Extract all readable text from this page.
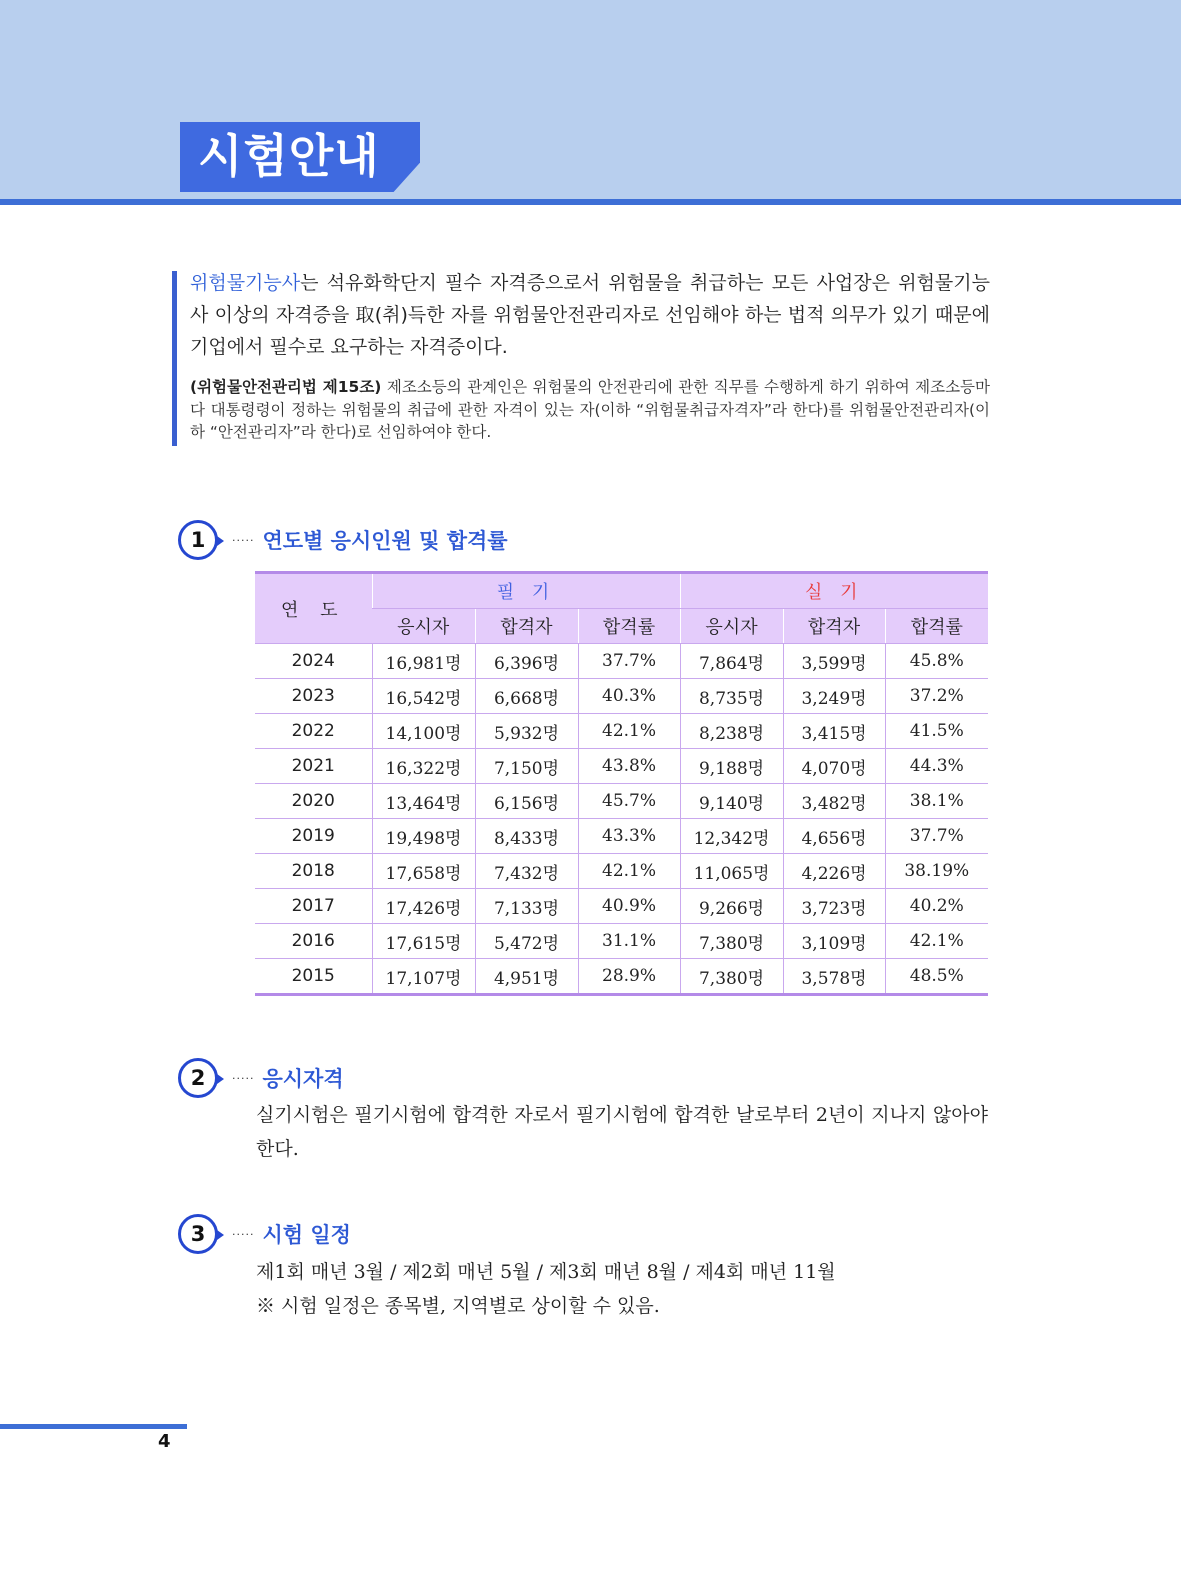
시험안내
위험물기능사는 석유화학단지 필수 자격증으로서 위험물을 취급하는 모든 사업장은 위험물기능사 이상의 자격증을 取(취)득한 자를 위험물안전관리자로 선임해야 하는 법적 의무가 있기 때문에 기업에서 필수로 요구하는 자격증이다.
(위험물안전관리법 제15조) 제조소등의 관계인은 위험물의 안전관리에 관한 직무를 수행하게 하기 위하여 제조소등마다 대통령령이 정하는 위험물의 취급에 관한 자격이 있는 자(이하 “위험물취급자격자”라 한다)를 위험물안전관리자(이하 “안전관리자”라 한다)로 선임하여야 한다.
1	····· 연도별 응시인원 및 합격률
연 도	필 기			실 기		
	응시자	합격자	합격률	응시자	합격자	합격률
2024	16,981명	6,396명	37.7%	7,864명	3,599명	45.8%
2023	16,542명	6,668명	40.3%	8,735명	3,249명	37.2%
2022	14,100명	5,932명	42.1%	8,238명	3,415명	41.5%
2021	16,322명	7,150명	43.8%	9,188명	4,070명	44.3%
2020	13,464명	6,156명	45.7%	9,140명	3,482명	38.1%
2019	19,498명	8,433명	43.3%	12,342명	4,656명	37.7%
2018	17,658명	7,432명	42.1%	11,065명	4,226명	38.19%
2017	17,426명	7,133명	40.9%	9,266명	3,723명	40.2%
2016	17,615명	5,472명	31.1%	7,380명	3,109명	42.1%
2015	17,107명	4,951명	28.9%	7,380명	3,578명	48.5%
2	····· 응시자격
실기시험은 필기시험에 합격한 자로서 필기시험에 합격한 날로부터 2년이 지나지 않아야 한다.
3	····· 시험 일정
제1회 매년 3월 / 제2회 매년 5월 / 제3회 매년 8월 / 제4회 매년 11월
※ 시험 일정은 종목별, 지역별로 상이할 수 있음.
4
